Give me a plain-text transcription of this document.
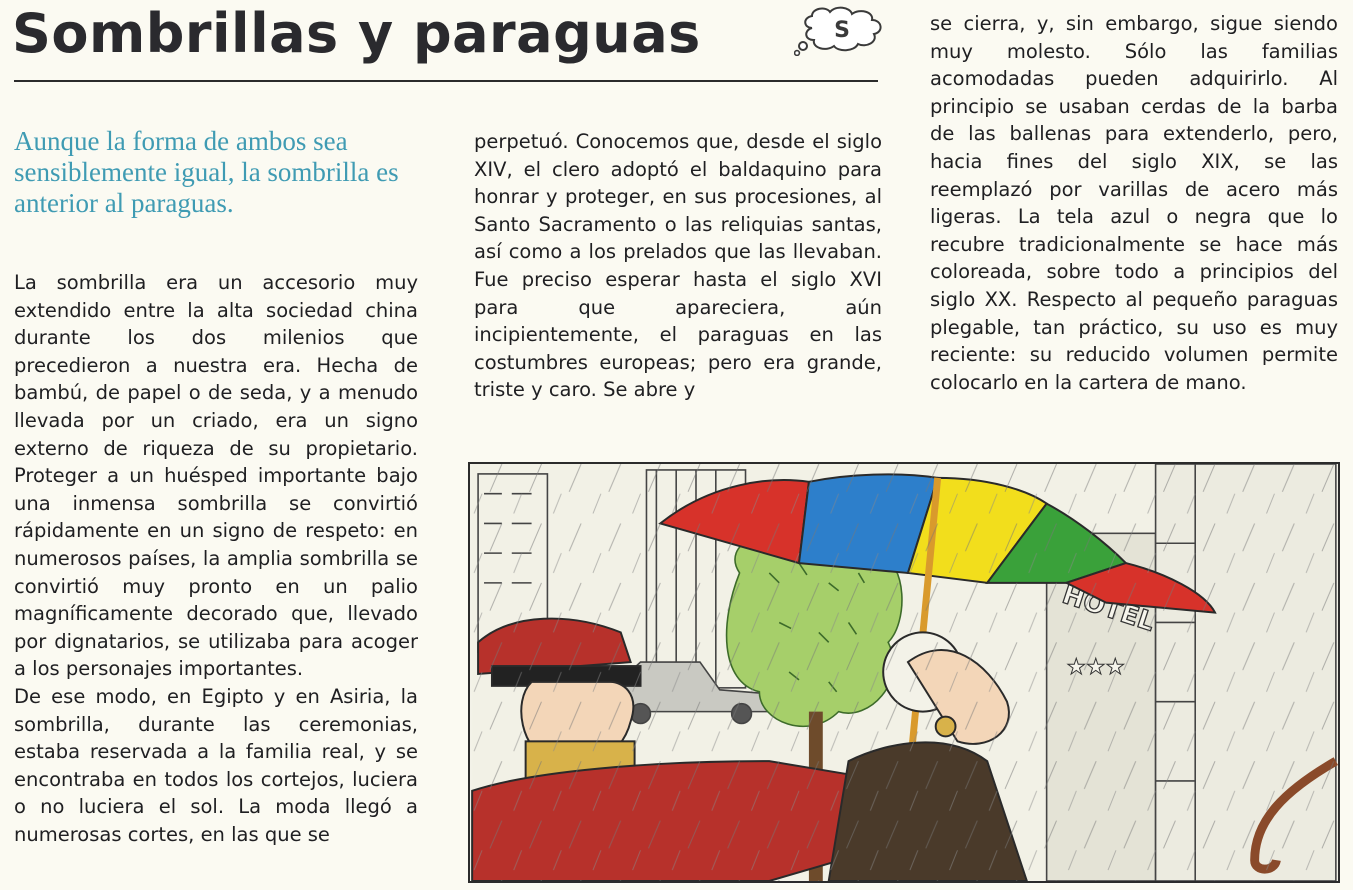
Sombrillas y paraguas	S

Aunque la forma de ambos sea sensiblemente igual, la sombrilla es anterior al paraguas.

La sombrilla era un accesorio muy extendido entre la alta sociedad china durante los dos milenios que precedieron a nuestra era. Hecha de bambú, de papel o de seda, y a menudo llevada por un criado, era un signo externo de riqueza de su propietario. Proteger a un huésped importante bajo una inmensa sombrilla se convirtió rápidamente en un signo de respeto: en numerosos países, la amplia sombrilla se convirtió muy pronto en un palio magníficamente decorado que, llevado por dignatarios, se utilizaba para acoger a los personajes importantes.

De ese modo, en Egipto y en Asiria, la sombrilla, durante las ceremonias, estaba reservada a la familia real, y se encontraba en todos los cortejos, luciera o no luciera el sol. La moda llegó a numerosas cortes, en las que se

perpetuó. Conocemos que, desde el siglo XIV, el clero adoptó el baldaquino para honrar y proteger, en sus procesiones, al Santo Sacramento o las reliquias santas, así como a los prelados que las llevaban. Fue preciso esperar hasta el siglo XVI para que apareciera, aún incipientemente, el paraguas en las costumbres europeas; pero era grande, triste y caro. Se abre y

se cierra, y, sin embargo, sigue siendo muy molesto. Sólo las familias acomodadas pueden adquirirlo. Al principio se usaban cerdas de la barba de las ballenas para extenderlo, pero, hacia fines del siglo XIX, se las reemplazó por varillas de acero más ligeras. La tela azul o negra que lo recubre tradicionalmente se hace más coloreada, sobre todo a principios del siglo XX. Respecto al pequeño paraguas plegable, tan práctico, su uso es muy reciente: su reducido volumen permite colocarlo en la cartera de mano.
